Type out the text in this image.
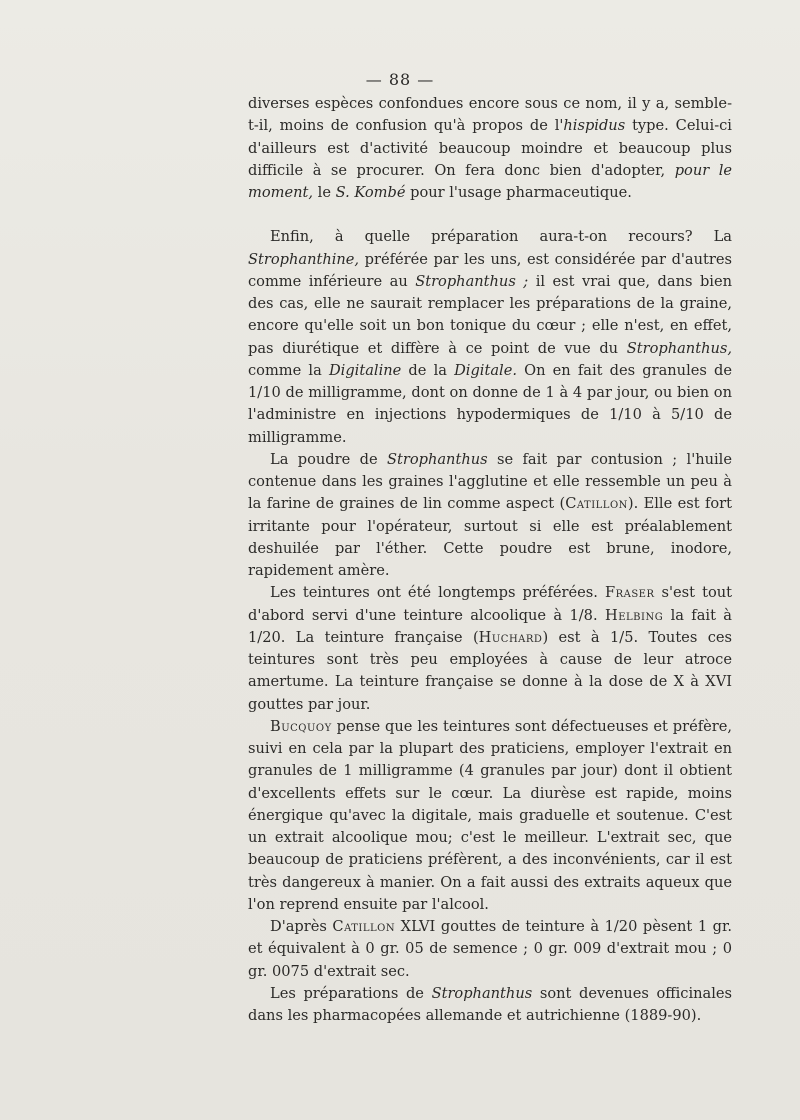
— 88 —

diverses espèces confondues encore sous ce nom, il y a, semble-t-il, moins de confusion qu'à propos de l'hispidus type. Celui-ci d'ailleurs est d'activité beaucoup moindre et beaucoup plus difficile à se procurer. On fera donc bien d'adopter, pour le moment, le S. Kombé pour l'usage pharmaceutique.

Enfin, à quelle préparation aura-t-on recours? La Strophanthine, préférée par les uns, est considérée par d'autres comme inférieure au Strophanthus ; il est vrai que, dans bien des cas, elle ne saurait remplacer les préparations de la graine, encore qu'elle soit un bon tonique du cœur ; elle n'est, en effet, pas diurétique et diffère à ce point de vue du Strophanthus, comme la Digitaline de la Digitale. On en fait des granules de 1/10 de milligramme, dont on donne de 1 à 4 par jour, ou bien on l'administre en injections hypodermiques de 1/10 à 5/10 de milligramme.

La poudre de Strophanthus se fait par contusion ; l'huile contenue dans les graines l'agglutine et elle ressemble un peu à la farine de graines de lin comme aspect (Catillon). Elle est fort irritante pour l'opérateur, surtout si elle est préalablement deshuilée par l'éther. Cette poudre est brune, inodore, rapidement amère.

Les teintures ont été longtemps préférées. Fraser s'est tout d'abord servi d'une teinture alcoolique à 1/8. Helbing la fait à 1/20. La teinture française (Huchard) est à 1/5. Toutes ces teintures sont très peu employées à cause de leur atroce amertume. La teinture française se donne à la dose de X à XVI gouttes par jour.

Bucquoy pense que les teintures sont défectueuses et préfère, suivi en cela par la plupart des praticiens, employer l'extrait en granules de 1 milligramme (4 granules par jour) dont il obtient d'excellents effets sur le cœur. La diurèse est rapide, moins énergique qu'avec la digitale, mais graduelle et soutenue. C'est un extrait alcoolique mou; c'est le meilleur. L'extrait sec, que beaucoup de praticiens préfèrent, a des inconvénients, car il est très dangereux à manier. On a fait aussi des extraits aqueux que l'on reprend ensuite par l'alcool.

D'après Catillon XLVI gouttes de teinture à 1/20 pèsent 1 gr. et équivalent à 0 gr. 05 de semence ; 0 gr. 009 d'extrait mou ; 0 gr. 0075 d'extrait sec.

Les préparations de Strophanthus sont devenues officinales dans les pharmacopées allemande et autrichienne (1889-90).
